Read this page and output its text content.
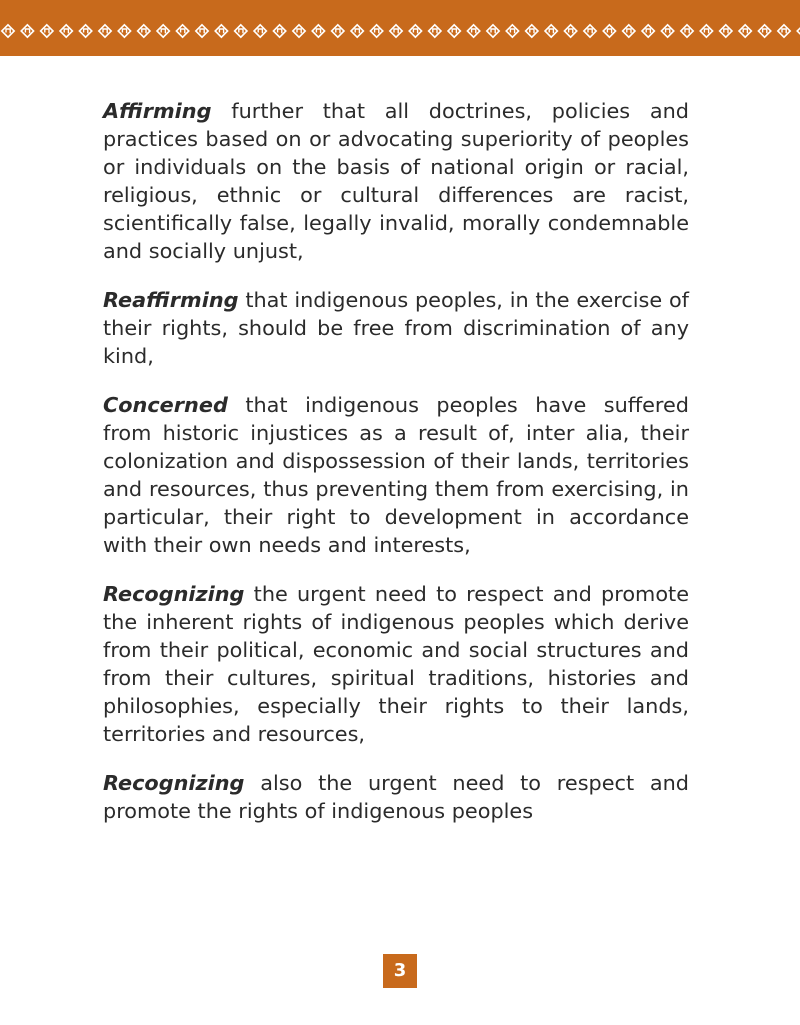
Affirming further that all doctrines, policies and practices based on or advocating superiority of peoples or individuals on the basis of national origin or racial, religious, ethnic or cultural differences are racist, scientifically false, legally invalid, morally condemnable and socially unjust,

Reaffirming that indigenous peoples, in the exercise of their rights, should be free from discrimination of any kind,

Concerned that indigenous peoples have suffered from historic injustices as a result of, inter alia, their colonization and dispossession of their lands, territories and resources, thus preventing them from exercising, in particular, their right to development in accordance with their own needs and interests,

Recognizing the urgent need to respect and promote the inherent rights of indigenous peoples which derive from their political, economic and social structures and from their cultures, spiritual traditions, histories and philosophies, especially their rights to their lands, territories and resources,

Recognizing also the urgent need to respect and promote the rights of indigenous peoples

3
